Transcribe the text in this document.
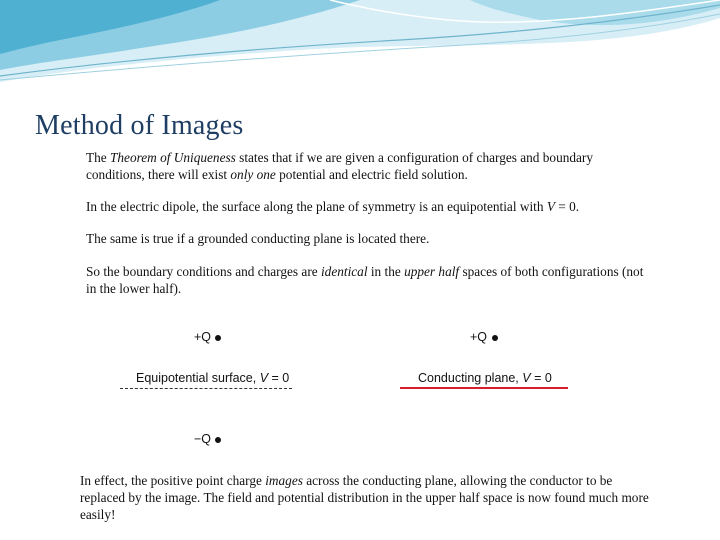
Method of Images
The Theorem of Uniqueness states that if we are given a configuration of charges and boundary conditions, there will exist only one potential and electric field solution.
In the electric dipole, the surface along the plane of symmetry is an equipotential with V = 0.
The same is true if a grounded conducting plane is located there.
So the boundary conditions and charges are identical in the upper half spaces of both configurations (not in the lower half).
+Q
Equipotential surface, V = 0
−Q
+Q
Conducting plane, V = 0
In effect, the positive point charge images across the conducting plane, allowing the conductor to be replaced by the image. The field and potential distribution in the upper half space is now found much more easily!
